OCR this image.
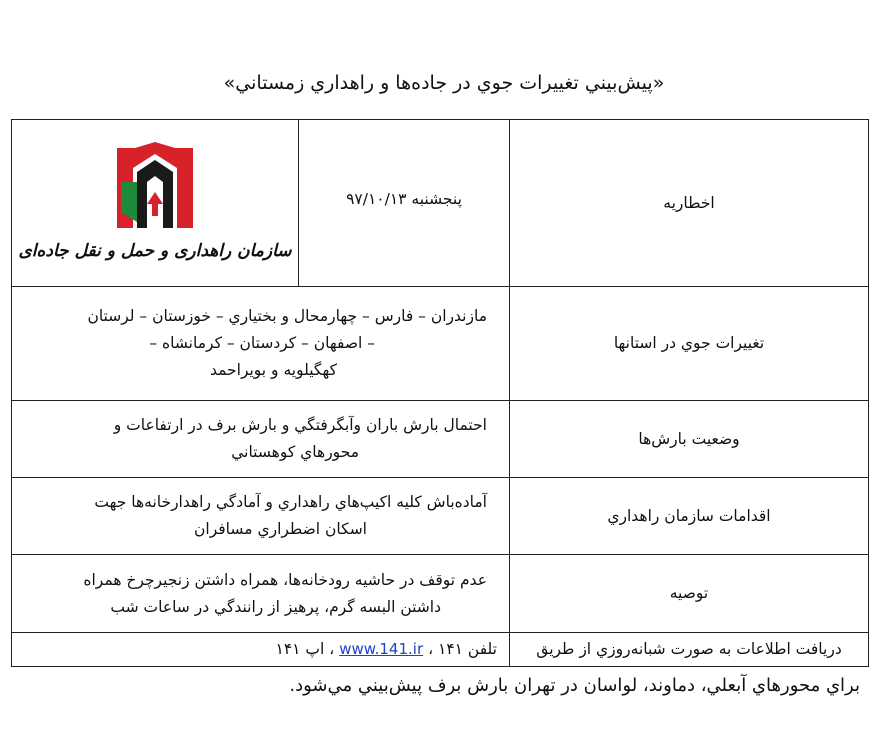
«پيش‌بيني تغييرات جوي در جاده‌ها و راهداري زمستاني»
اخطاريه	پنجشنبه ۹۷/۱۰/۱۳	سازمان راهداری و حمل و نقل جاده‌ای

تغييرات جوي در استانها	مازندران – فارس – چهارمحال و بختياري – خوزستان – لرستان
– اصفهان – كردستان – كرمانشاه –
كهگيلويه و بويراحمد	

وضعيت بارش‌ها	احتمال بارش باران وآبگرفتگي و بارش برف در ارتفاعات و
محورهاي كوهستاني	

اقدامات سازمان راهداري	آماده‌باش كليه اكيپ‌هاي راهداري و آمادگي راهدارخانه‌ها جهت
اسكان اضطراري مسافران	

توصيه	عدم توقف در حاشيه رودخانه‌ها، همراه داشتن زنجيرچرخ همراه
داشتن البسه گرم، پرهيز از رانندگي در ساعات شب	

دريافت اطلاعات به صورت شبانه‌روزي از طريق	تلفن ۱۴۱ ، www.141.ir ، اپ ۱۴۱	
براي محورهاي آبعلي، دماوند، لواسان در تهران بارش برف پيش‌بيني مي‌شود.
